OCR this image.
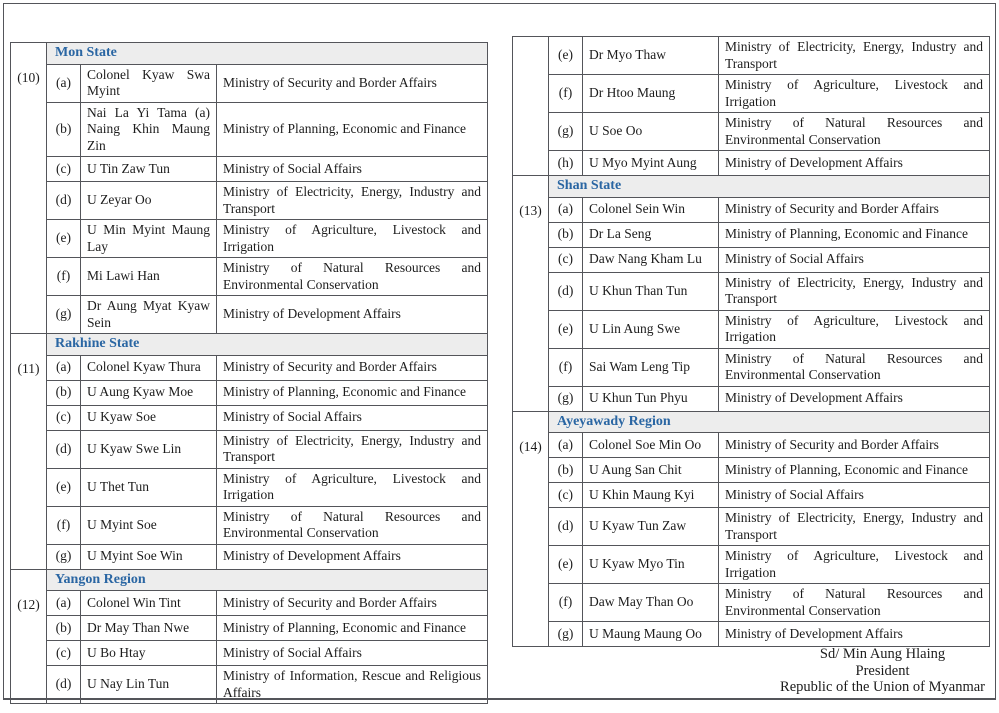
(10)	Mon State		
	(a)	Colonel Kyaw Swa Myint	Ministry of Security and Border Affairs
	(b)	Nai La Yi Tama (a) Naing Khin Maung Zin	Ministry of Planning, Economic and Finance
	(c)	U Tin Zaw Tun	Ministry of Social Affairs
	(d)	U Zeyar Oo	Ministry of Electricity, Energy, Industry and Transport
	(e)	U Min Myint Maung Lay	Ministry of Agriculture, Livestock and Irrigation
	(f)	Mi Lawi Han	Ministry of Natural Resources and Environmental Conservation
	(g)	Dr Aung Myat Kyaw Sein	Ministry of Development Affairs
(11)	Rakhine State		
	(a)	Colonel Kyaw Thura	Ministry of Security and Border Affairs
	(b)	U Aung Kyaw Moe	Ministry of Planning, Economic and Finance
	(c)	U Kyaw Soe	Ministry of Social Affairs
	(d)	U Kyaw Swe Lin	Ministry of Electricity, Energy, Industry and Transport
	(e)	U Thet Tun	Ministry of Agriculture, Livestock and Irrigation
	(f)	U Myint Soe	Ministry of Natural Resources and Environmental Conservation
	(g)	U Myint Soe Win	Ministry of Development Affairs
(12)	Yangon Region		
	(a)	Colonel Win Tint	Ministry of Security and Border Affairs
	(b)	Dr May Than Nwe	Ministry of Planning, Economic and Finance
	(c)	U Bo Htay	Ministry of Social Affairs
	(d)	U Nay Lin Tun	Ministry of Information, Rescue and Religious Affairs
	(e)	Dr Myo Thaw	Ministry of Electricity, Energy, Industry and Transport
	(f)	Dr Htoo Maung	Ministry of Agriculture, Livestock and Irrigation
	(g)	U Soe Oo	Ministry of Natural Resources and Environmental Conservation
	(h)	U Myo Myint Aung	Ministry of Development Affairs
(13)	Shan State		
	(a)	Colonel Sein Win	Ministry of Security and Border Affairs
	(b)	Dr La Seng	Ministry of Planning, Economic and Finance
	(c)	Daw Nang Kham Lu	Ministry of Social Affairs
	(d)	U Khun Than Tun	Ministry of Electricity, Energy, Industry and Transport
	(e)	U Lin Aung Swe	Ministry of Agriculture, Livestock and Irrigation
	(f)	Sai Wam Leng Tip	Ministry of Natural Resources and Environmental Conservation
	(g)	U Khun Tun Phyu	Ministry of Development Affairs
(14)	Ayeyawady Region		
	(a)	Colonel Soe Min Oo	Ministry of Security and Border Affairs
	(b)	U Aung San Chit	Ministry of Planning, Economic and Finance
	(c)	U Khin Maung Kyi	Ministry of Social Affairs
	(d)	U Kyaw Tun Zaw	Ministry of Electricity, Energy, Industry and Transport
	(e)	U Kyaw Myo Tin	Ministry of Agriculture, Livestock and Irrigation
	(f)	Daw May Than Oo	Ministry of Natural Resources and Environmental Conservation
	(g)	U Maung Maung Oo	Ministry of Development Affairs
Sd/ Min Aung Hlaing
President
Republic of the Union of Myanmar
